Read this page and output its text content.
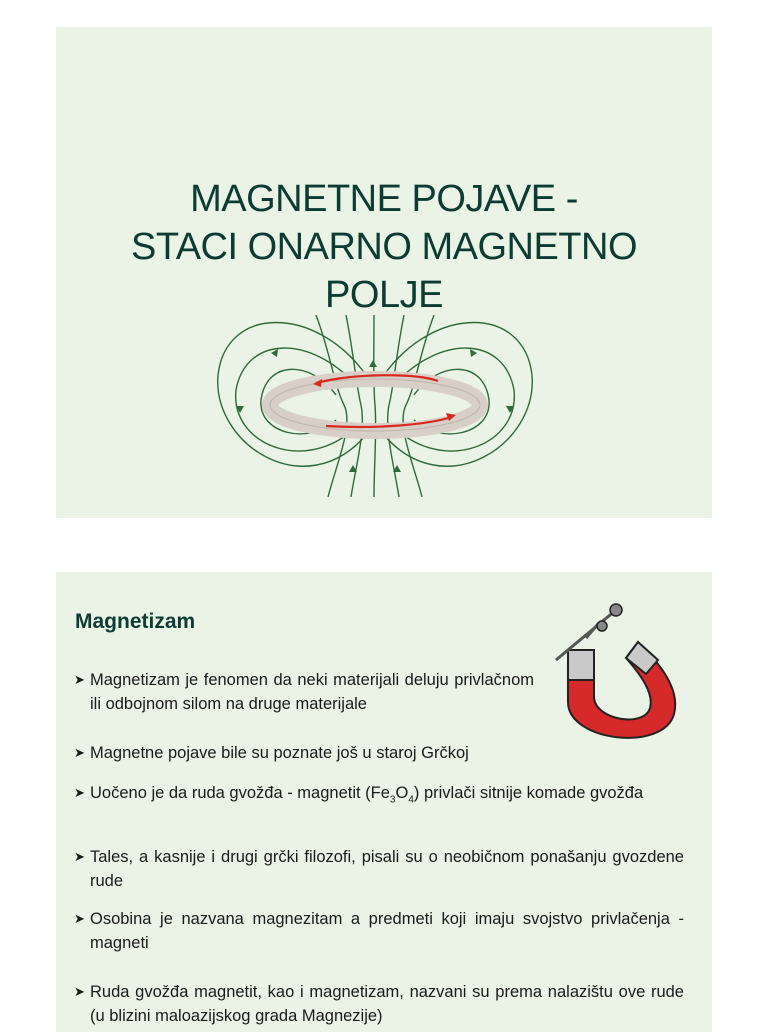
MAGNETNE POJAVE -
STACI ONARNO MAGNETNO
POLJE
Magnetizam
➤ Magnetizam je fenomen da neki materijali deluju privlačnom ili odbojnom silom na druge materijale
➤ Magnetne pojave bile su poznate još u staroj Grčkoj
➤ Uočeno je da ruda gvožđa - magnetit $(Fe_3O_4)$ privlači sitnije komade gvožđa
➤ Tales, a kasnije i drugi grčki filozofi, pisali su o neobičnom ponašanju gvozdene rude
➤ Osobina je nazvana magnezitam a predmeti koji imaju svojstvo privlačenja - magneti
➤ Ruda gvožđa magnetit, kao i magnetizam, nazvani su prema nalazištu ove rude (u blizini maloazijskog grada Magnezije)
